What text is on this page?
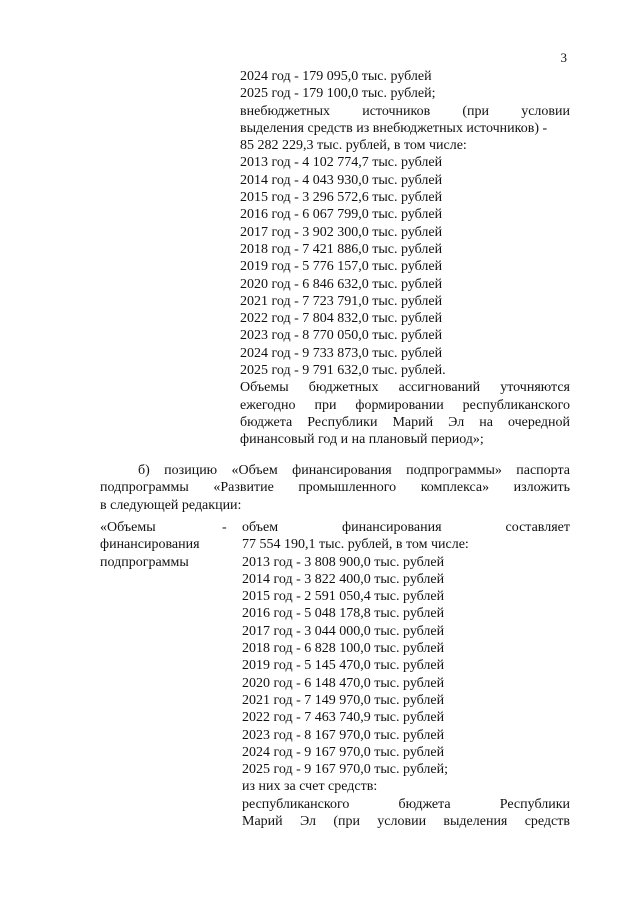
3
2024 год - 179 095,0 тыс. рублей
2025 год - 179 100,0 тыс. рублей;
внебюджетных источников (при условии
выделения средств из внебюджетных источников) -
85 282 229,3 тыс. рублей, в том числе:
2013 год - 4 102 774,7 тыс. рублей
2014 год - 4 043 930,0 тыс. рублей
2015 год - 3 296 572,6 тыс. рублей
2016 год - 6 067 799,0 тыс. рублей
2017 год - 3 902 300,0 тыс. рублей
2018 год - 7 421 886,0 тыс. рублей
2019 год - 5 776 157,0 тыс. рублей
2020 год - 6 846 632,0 тыс. рублей
2021 год - 7 723 791,0 тыс. рублей
2022 год - 7 804 832,0 тыс. рублей
2023 год - 8 770 050,0 тыс. рублей
2024 год - 9 733 873,0 тыс. рублей
2025 год - 9 791 632,0 тыс. рублей.
Объемы бюджетных ассигнований уточняются
ежегодно при формировании республиканского
бюджета Республики Марий Эл на очередной
финансовый год и на плановый период»;
б) позицию «Объем финансирования подпрограммы» паспорта
подпрограммы «Развитие промышленного комплекса» изложить
в следующей редакции:
«Объемы	-
финансирования
подпрограммы
объем финансирования составляет
77 554 190,1 тыс. рублей, в том числе:
2013 год - 3 808 900,0 тыс. рублей
2014 год - 3 822 400,0 тыс. рублей
2015 год - 2 591 050,4 тыс. рублей
2016 год - 5 048 178,8 тыс. рублей
2017 год - 3 044 000,0 тыс. рублей
2018 год - 6 828 100,0 тыс. рублей
2019 год - 5 145 470,0 тыс. рублей
2020 год - 6 148 470,0 тыс. рублей
2021 год - 7 149 970,0 тыс. рублей
2022 год - 7 463 740,9 тыс. рублей
2023 год - 8 167 970,0 тыс. рублей
2024 год - 9 167 970,0 тыс. рублей
2025 год - 9 167 970,0 тыс. рублей;
из них за счет средств:
республиканского бюджета Республики
Марий Эл (при условии выделения средств
